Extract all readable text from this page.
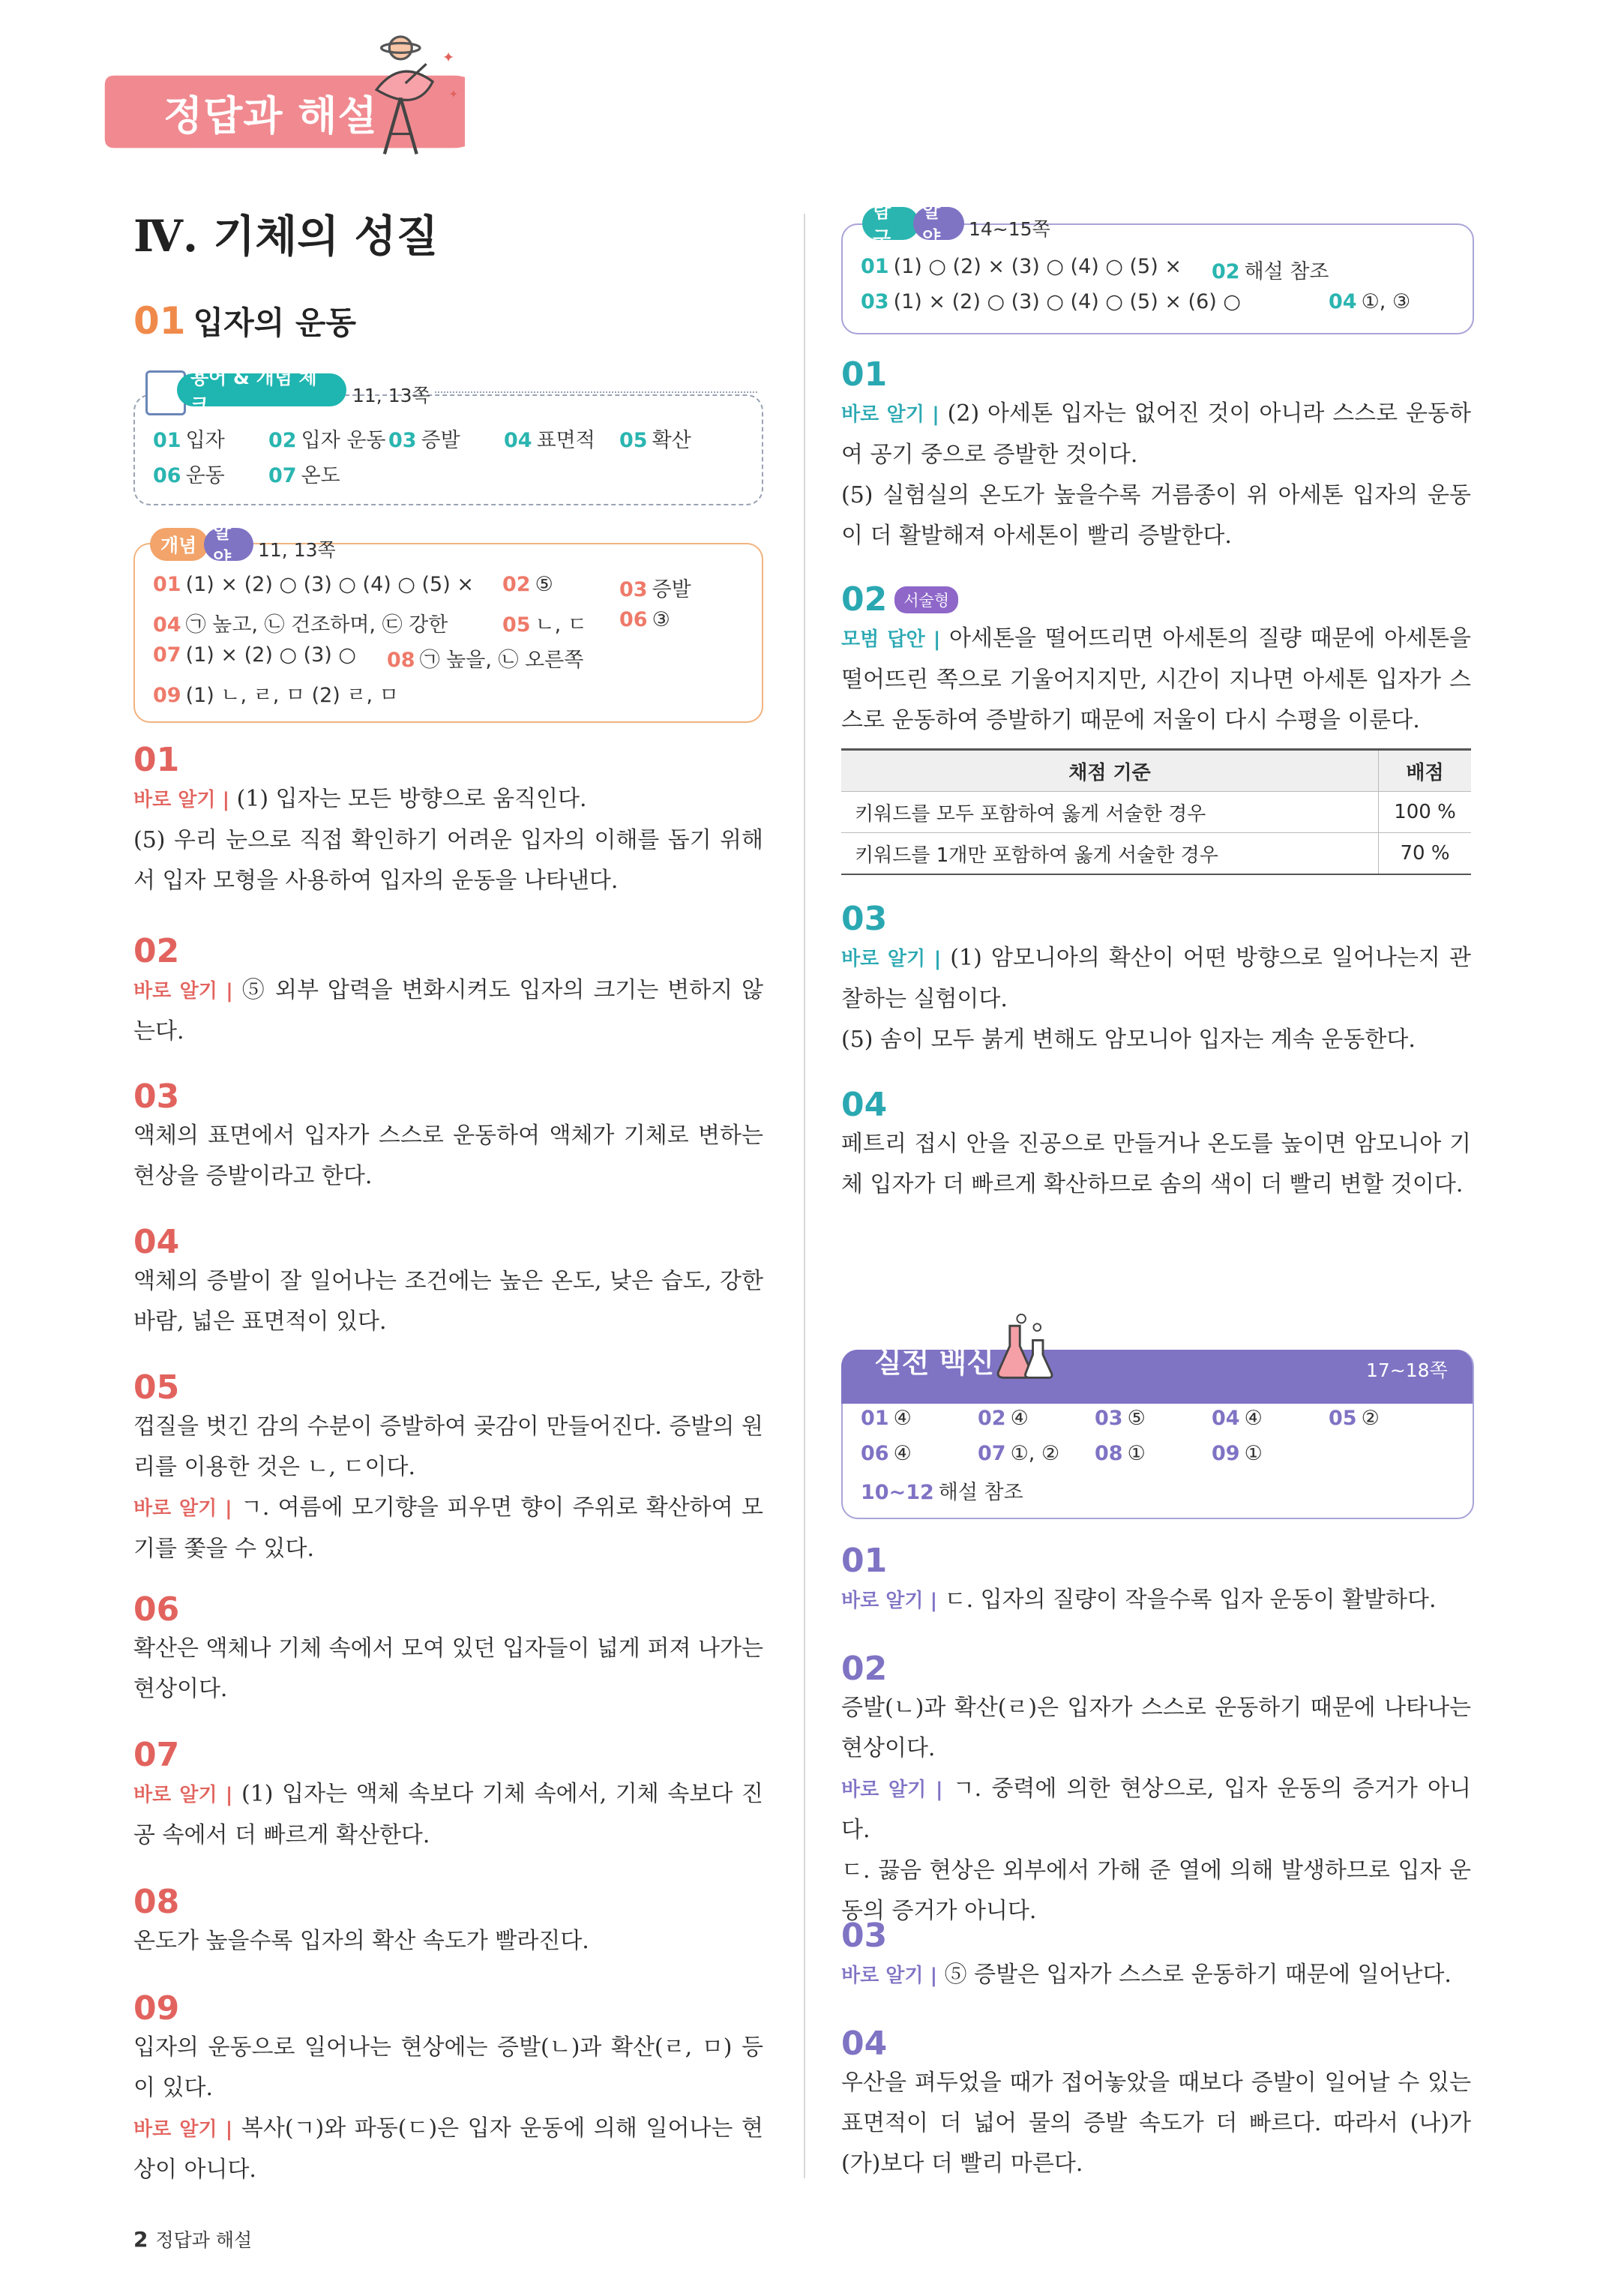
✦
✦
정답과 해설
Ⅳ. 기체의 성질
01 입자의 운동
용어 & 개념 체크	11, 13쪽
01 입자 02 입자 운동 03 증발 04 표면적 05 확산
06 운동 07 온도
개념
알약	11, 13쪽
01 (1) × (2) ○ (3) ○ (4) ○ (5) × 02 ⑤	03 증발
04 ㉠ 높고, ㉡ 건조하며, ㉢ 강한	05 ㄴ, ㄷ 06 ③
07 (1) × (2) ○ (3) ○ 08 ㉠ 높을, ㉡ 오른쪽
09 (1) ㄴ, ㄹ, ㅁ (2) ㄹ, ㅁ
01
바로 알기 | (1) 입자는 모든 방향으로 움직인다.
(5) 우리 눈으로 직접 확인하기 어려운 입자의 이해를 돕기 위해 서 입자 모형을 사용하여 입자의 운동을 나타낸다.
02
바로 알기 | ⑤ 외부 압력을 변화시켜도 입자의 크기는 변하지 않는다.
03
액체의 표면에서 입자가 스스로 운동하여 액체가 기체로 변하는 현상을 증발이라고 한다.
04
액체의 증발이 잘 일어나는 조건에는 높은 온도, 낮은 습도, 강한 바람, 넓은 표면적이 있다.
05
껍질을 벗긴 감의 수분이 증발하여 곶감이 만들어진다. 증발의 원리를 이용한 것은 ㄴ, ㄷ이다.
바로 알기 | ㄱ. 여름에 모기향을 피우면 향이 주위로 확산하여 모기를 쫓을 수 있다.
06
확산은 액체나 기체 속에서 모여 있던 입자들이 넓게 퍼져 나가는 현상이다.
07
바로 알기 | (1) 입자는 액체 속보다 기체 속에서, 기체 속보다 진공 속에서 더 빠르게 확산한다.
08
온도가 높을수록 입자의 확산 속도가 빨라진다.
09
입자의 운동으로 일어나는 현상에는 증발(ㄴ)과 확산(ㄹ, ㅁ) 등이 있다.
바로 알기 | 복사(ㄱ)와 파동(ㄷ)은 입자 운동에 의해 일어나는 현상이 아니다.
탐구
알약	14~15쪽
01 (1) ○ (2) × (3) ○ (4) ○ (5) × 02 해설 참조
03 (1) × (2) ○ (3) ○ (4) ○ (5) × (6) ○	04 ①, ③
01
바로 알기 | (2) 아세톤 입자는 없어진 것이 아니라 스스로 운동하여 공기 중으로 증발한 것이다.
(5) 실험실의 온도가 높을수록 거름종이 위 아세톤 입자의 운동이 더 활발해져 아세톤이 빨리 증발한다.
02	서술형
모범 답안 | 아세톤을 떨어뜨리면 아세톤의 질량 때문에 아세톤을 떨어뜨린 쪽으로 기울어지지만, 시간이 지나면 아세톤 입자가 스스로 운동하여 증발하기 때문에 저울이 다시 수평을 이룬다.
채점 기준	배점
키워드를 모두 포함하여 옳게 서술한 경우	100 %
키워드를 1개만 포함하여 옳게 서술한 경우	70 %
03
바로 알기 | (1) 암모니아의 확산이 어떤 방향으로 일어나는지 관찰하는 실험이다.
(5) 솜이 모두 붉게 변해도 암모니아 입자는 계속 운동한다.
04
페트리 접시 안을 진공으로 만들거나 온도를 높이면 암모니아 기체 입자가 더 빠르게 확산하므로 솜의 색이 더 빨리 변할 것이다.
실전 백신	17~18쪽
01 ④	02 ④	03 ⑤	04 ④	05 ②
06 ④	07 ①, ② 08 ①	09 ①
10~12 해설 참조
01
바로 알기 | ㄷ. 입자의 질량이 작을수록 입자 운동이 활발하다.
02
증발(ㄴ)과 확산(ㄹ)은 입자가 스스로 운동하기 때문에 나타나는 현상이다.
바로 알기 | ㄱ. 중력에 의한 현상으로, 입자 운동의 증거가 아니다.
ㄷ. 끓음 현상은 외부에서 가해 준 열에 의해 발생하므로 입자 운동의 증거가 아니다.
03
바로 알기 | ⑤ 증발은 입자가 스스로 운동하기 때문에 일어난다.
04
우산을 펴두었을 때가 접어놓았을 때보다 증발이 일어날 수 있는 표면적이 더 넓어 물의 증발 속도가 더 빠르다. 따라서 (나)가 (가)보다 더 빨리 마른다.
2 정답과 해설
